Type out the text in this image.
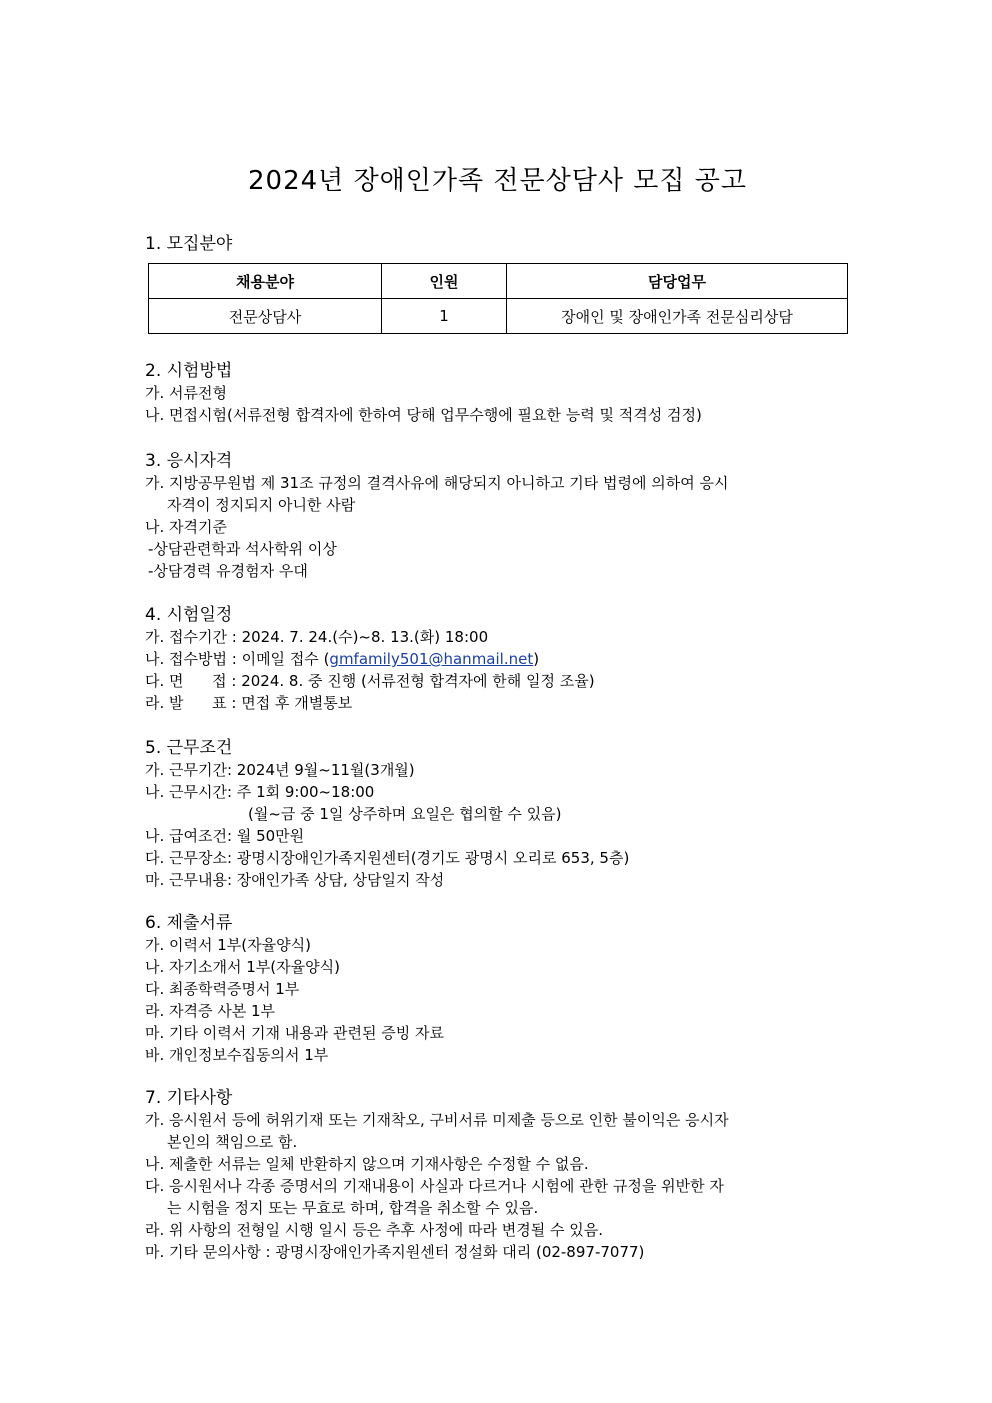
2024년 장애인가족 전문상담사 모집 공고
1. 모집분야
채용분야	인원	담당업무
전문상담사	1	장애인 및 장애인가족 전문심리상담
2. 시험방법
가. 서류전형
나. 면접시험(서류전형 합격자에 한하여 당해 업무수행에 필요한 능력 및 적격성 검정)
3. 응시자격
가. 지방공무원법 제 31조 규정의 결격사유에 해당되지 아니하고 기타 법령에 의하여 응시
자격이 정지되지 아니한 사람
나. 자격기준
-상담관련학과 석사학위 이상
-상담경력 유경험자 우대
4. 시험일정
가. 접수기간 : 2024. 7. 24.(수)~8. 13.(화) 18:00
나. 접수방법 : 이메일 접수 (gmfamily501@hanmail.net)
다. 면      접 : 2024. 8. 중 진행 (서류전형 합격자에 한해 일정 조율)
라. 발      표 : 면접 후 개별통보
5. 근무조건
가. 근무기간: 2024년 9월~11월(3개월)
나. 근무시간: 주 1회 9:00~18:00
(월~금 중 1일 상주하며 요일은 협의할 수 있음)
나. 급여조건: 월 50만원
다. 근무장소: 광명시장애인가족지원센터(경기도 광명시 오리로 653, 5층)
마. 근무내용: 장애인가족 상담, 상담일지 작성
6. 제출서류
가. 이력서 1부(자율양식)
나. 자기소개서 1부(자율양식)
다. 최종학력증명서 1부
라. 자격증 사본 1부
마. 기타 이력서 기재 내용과 관련된 증빙 자료
바. 개인정보수집동의서 1부
7. 기타사항
가. 응시원서 등에 허위기재 또는 기재착오, 구비서류 미제출 등으로 인한 불이익은 응시자
본인의 책임으로 함.
나. 제출한 서류는 일체 반환하지 않으며 기재사항은 수정할 수 없음.
다. 응시원서나 각종 증명서의 기재내용이 사실과 다르거나 시험에 관한 규정을 위반한 자
는 시험을 정지 또는 무효로 하며, 합격을 취소할 수 있음.
라. 위 사항의 전형일 시행 일시 등은 추후 사정에 따라 변경될 수 있음.
마. 기타 문의사항 : 광명시장애인가족지원센터 정설화 대리 (02-897-7077)
